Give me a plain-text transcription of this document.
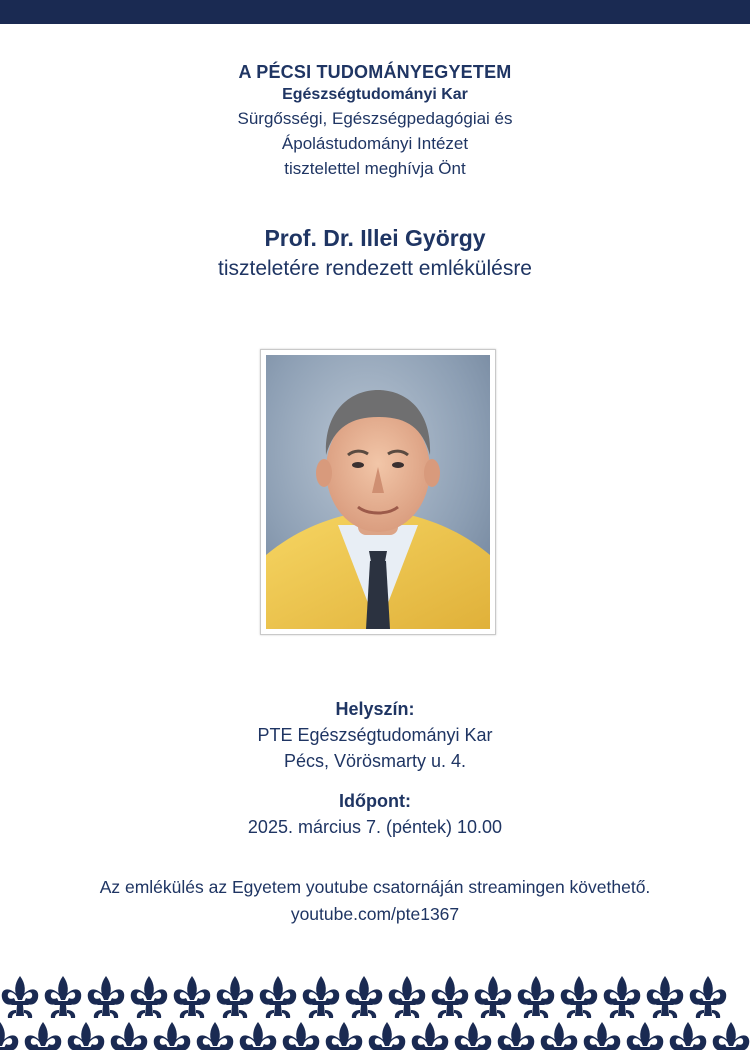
A PÉCSI TUDOMÁNYEGYETEM
Egészségtudományi Kar
Sürgősségi, Egészségpedagógiai és
Ápolástudományi Intézet
tisztelettel meghívja Önt
Prof. Dr. Illei György
tiszteletére rendezett emlékülésre
Helyszín:
PTE Egészségtudományi Kar
Pécs, Vörösmarty u. 4.
Időpont:
2025. március 7. (péntek) 10.00
Az emlékülés az Egyetem youtube csatornáján streamingen követhető.
youtube.com/pte1367
